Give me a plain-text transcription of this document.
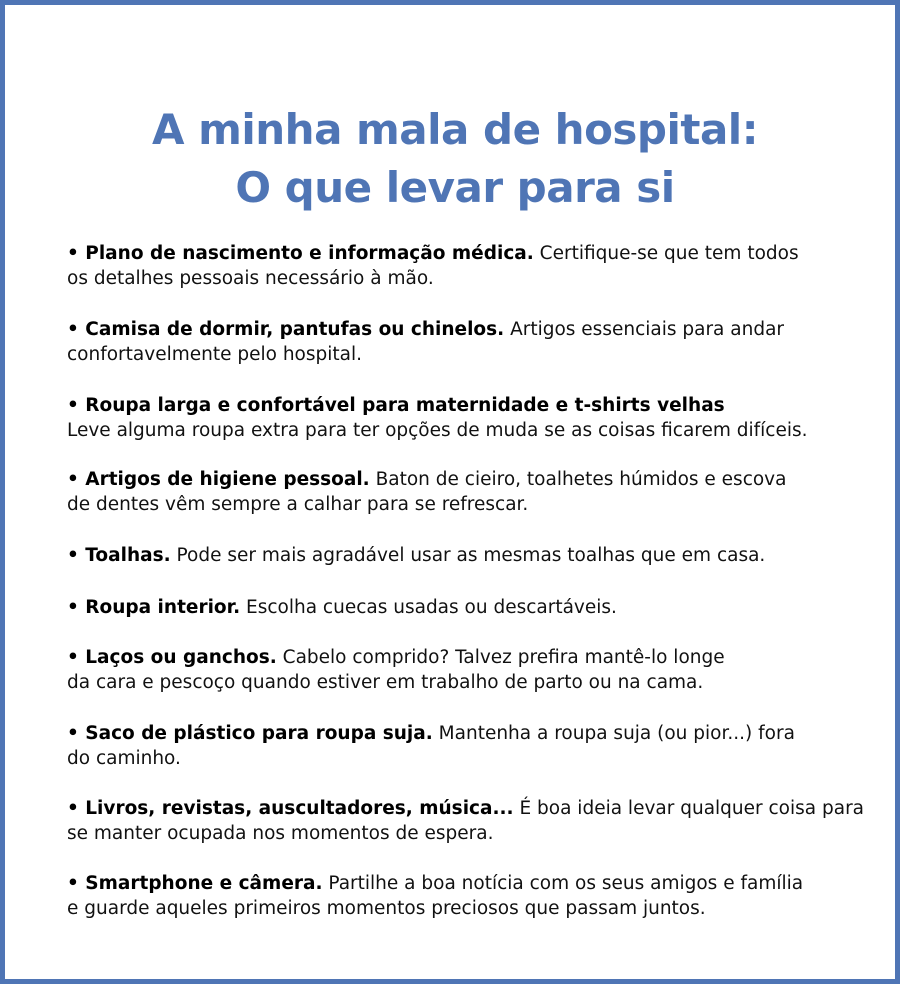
A minha mala de hospital:
O que levar para si
• Plano de nascimento e informação médica. Certifique-se que tem todos
os detalhes pessoais necessário à mão.
• Camisa de dormir, pantufas ou chinelos. Artigos essenciais para andar
confortavelmente pelo hospital.
• Roupa larga e confortável para maternidade e t-shirts velhas
Leve alguma roupa extra para ter opções de muda se as coisas ficarem difíceis.
• Artigos de higiene pessoal. Baton de cieiro, toalhetes húmidos e escova
de dentes vêm sempre a calhar para se refrescar.
• Toalhas. Pode ser mais agradável usar as mesmas toalhas que em casa.
• Roupa interior. Escolha cuecas usadas ou descartáveis.
• Laços ou ganchos. Cabelo comprido? Talvez prefira mantê-lo longe
da cara e pescoço quando estiver em trabalho de parto ou na cama.
• Saco de plástico para roupa suja. Mantenha a roupa suja (ou pior...) fora
do caminho.
• Livros, revistas, auscultadores, música... É boa ideia levar qualquer coisa para
se manter ocupada nos momentos de espera.
• Smartphone e câmera. Partilhe a boa notícia com os seus amigos e família
e guarde aqueles primeiros momentos preciosos que passam juntos.
